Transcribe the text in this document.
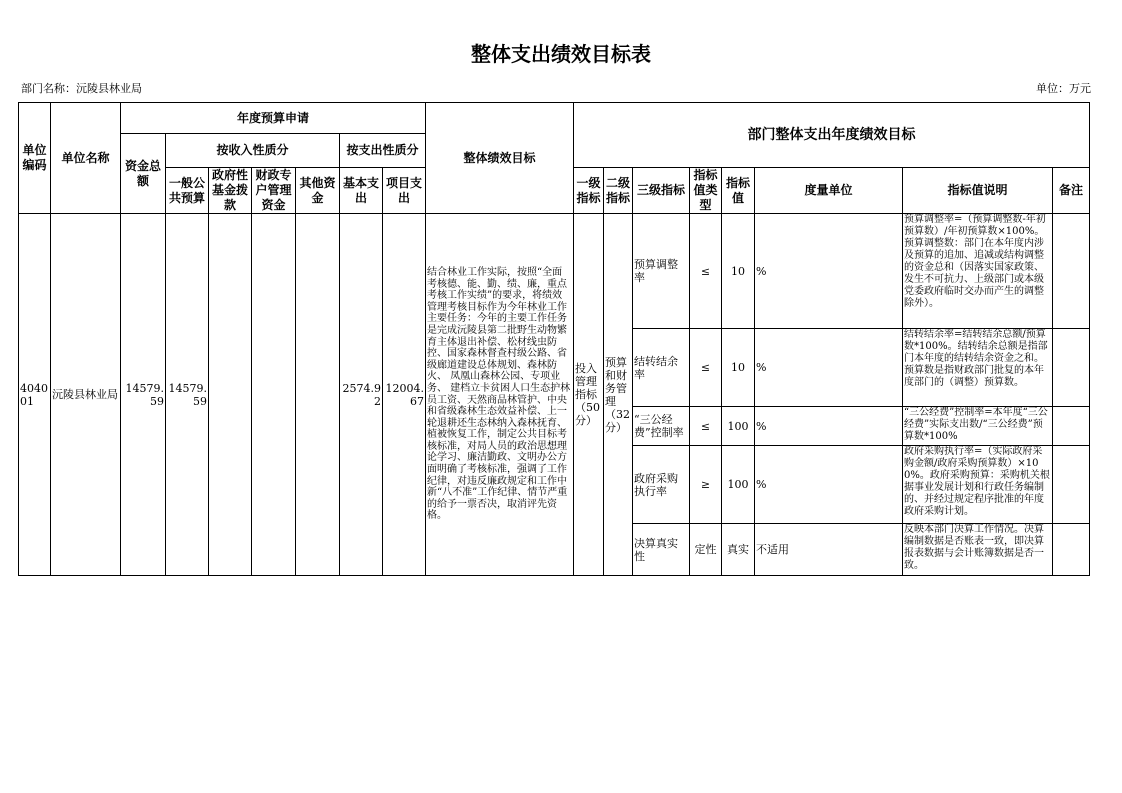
整体支出绩效目标表
部门名称：沅陵县林业局	单位：万元
单位编码	单位名称	年度预算申请							整体绩效目标	部门整体支出年度绩效目标							
		资金总额	按收入性质分				按支出性质分										
			一般公共预算	政府性基金拨款	财政专户管理资金	其他资金	基本支出	项目支出		一级指标	二级指标	三级指标	指标值类型	指标值	度量单位	指标值说明	备注
404001	沅陵县林业局	14579.59	14579.59				2574.92	12004.67	结合林业工作实际，按照“全面考核德、能、勤、绩、廉，重点考核工作实绩”的要求，将绩效管理考核目标作为今年林业工作主要任务：今年的主要工作任务是完成沅陵县第二批野生动物繁育主体退出补偿、松材线虫防控、国家森林督查村级公路、省级廊道建设总体规划、森林防火、 凤凰山森林公园、专项业务、 建档立卡贫困人口生态护林员工资、天然商品林管护、中央和省级森林生态效益补偿、上一轮退耕还生态林纳入森林抚育、植被恢复工作，制定公共目标考核标准，对局人员的政治思想理论学习、廉洁勤政、文明办公方面明确了考核标准，强调了工作纪律，对违反廉政规定和工作中新“八不准”工作纪律、情节严重的给予一票否决，取消评先资格。	投入管理指标（50分）	预算和财务管理（32分）	预算调整率	≤	10	%	预算调整率=（预算调整数-年初预算数）/年初预算数×100%。预算调整数：部门在本年度内涉及预算的追加、追减或结构调整的资金总和（因落实国家政策、发生不可抗力、上级部门或本级党委政府临时交办而产生的调整除外）。	

												结转结余率	≤	10	%	结转结余率=结转结余总额/预算数*100%。结转结余总额是指部门本年度的结转结余资金之和。预算数是指财政部门批复的本年度部门的（调整）预算数。	

												“三公经费”控制率	≤	100	%	“三公经费”控制率=本年度“三公经费”实际支出数/“三公经费”预算数*100%	

												政府采购执行率	≥	100	%	政府采购执行率=（实际政府采购金额/政府采购预算数）×100%。政府采购预算：采购机关根据事业发展计划和行政任务编制的、并经过规定程序批准的年度政府采购计划。	

												决算真实性	定性	真实	不适用	反映本部门决算工作情况。决算编制数据是否账表一致，即决算报表数据与会计账簿数据是否一致。	
